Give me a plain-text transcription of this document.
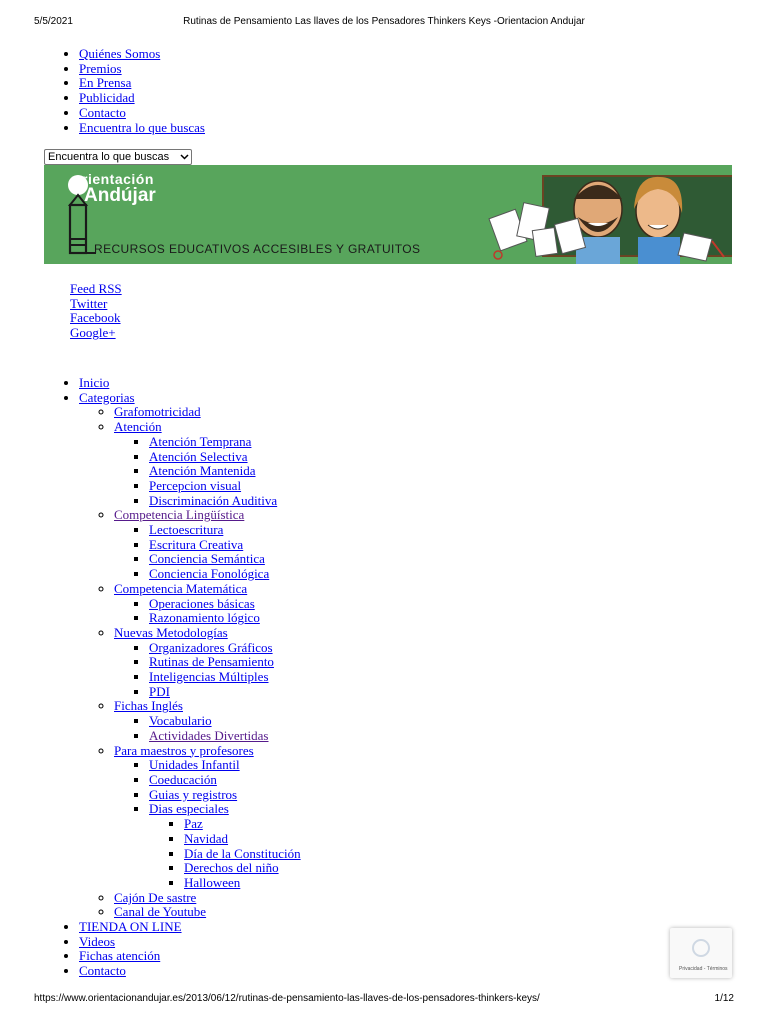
5/5/2021	Rutinas de Pensamiento Las llaves de los Pensadores Thinkers Keys -Orientacion Andujar
• Quiénes Somos
• Premios
• En Prensa
• Publicidad
• Contacto
• Encuentra lo que buscas
Encuentra lo que buscas
rientación
Andújar
RECURSOS EDUCATIVOS ACCESIBLES Y GRATUITOS
Feed RSS
Twitter
Facebook
Google+
• Inicio
• Categorias
◦ Grafomotricidad
◦ Atención
▪ Atención Temprana
▪ Atención Selectiva
▪ Atención Mantenida
▪ Percepcion visual
▪ Discriminación Auditiva
◦ Competencia Lingüística
▪ Lectoescritura
▪ Escritura Creativa
▪ Conciencia Semántica
▪ Conciencia Fonológica
◦ Competencia Matemática
▪ Operaciones básicas
▪ Razonamiento lógico
◦ Nuevas Metodologías
▪ Organizadores Gráficos
▪ Rutinas de Pensamiento
▪ Inteligencias Múltiples
▪ PDI
◦ Fichas Inglés
▪ Vocabulario
▪ Actividades Divertidas
◦ Para maestros y profesores
▪ Unidades Infantil
▪ Coeducación
▪ Guias y registros
▪ Dias especiales
▪ Paz
▪ Navidad
▪ Día de la Constitución
▪ Derechos del niño
▪ Halloween
◦ Cajón De sastre
◦ Canal de Youtube
• TIENDA ON LINE
• Videos
• Fichas atención
• Contacto	Privacidad - Términos
https://www.orientacionandujar.es/2013/06/12/rutinas-de-pensamiento-las-llaves-de-los-pensadores-thinkers-keys/	1/12
